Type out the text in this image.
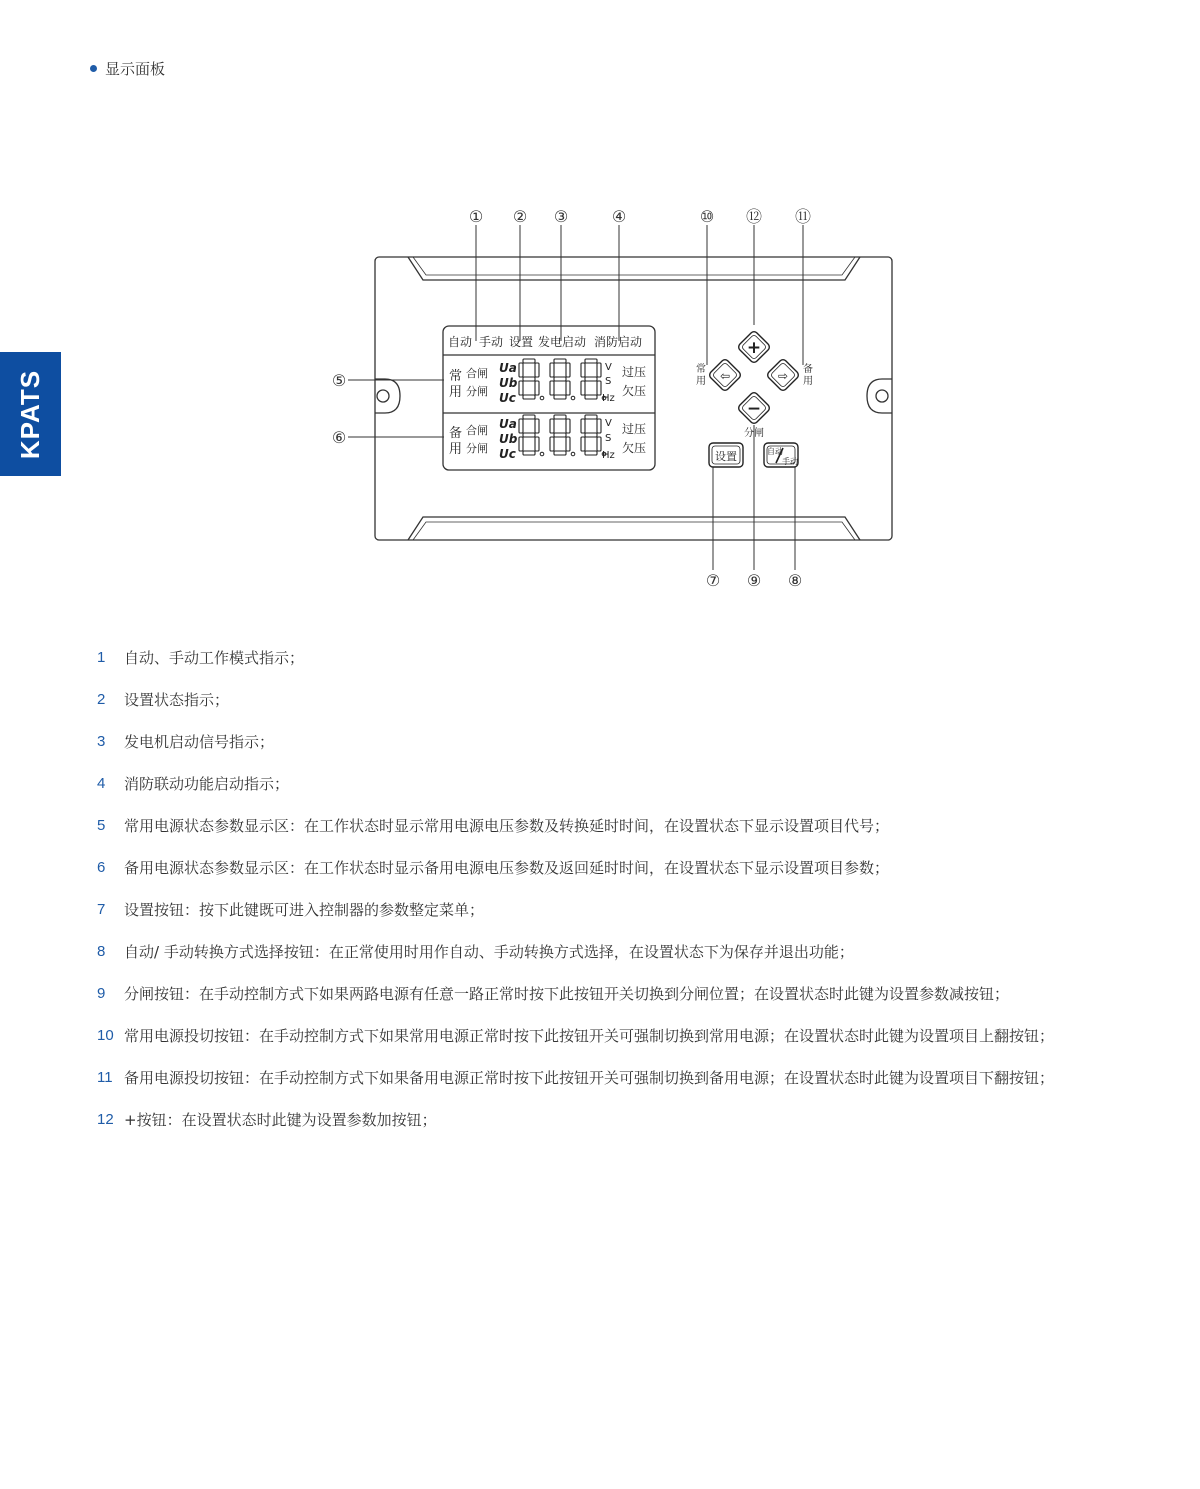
显示面板
KPATS
① ② ③	④	⑩ ⑫ ⑪
⑤
⑥
⑦ ⑨ ⑧
自动 手动 设置 发电启动 消防启动
常
用
合闸
分闸
Ua
Ub
Uc
V
S
Hz
过压
欠压
备
用
合闸
分闸
Ua
Ub
Uc
V
S
Hz
过压
欠压
+
−
⇦	⇨
设置	自动
手动
常
用
备
用
分闸
1	自动、手动工作模式指示；
2	设置状态指示；
3	发电机启动信号指示；
4	消防联动功能启动指示；
5	常用电源状态参数显示区：在工作状态时显示常用电源电压参数及转换延时时间，在设置状态下显示设置项目代号；
6	备用电源状态参数显示区：在工作状态时显示备用电源电压参数及返回延时时间，在设置状态下显示设置项目参数；
7	设置按钮：按下此键既可进入控制器的参数整定菜单；
8	自动/ 手动转换方式选择按钮：在正常使用时用作自动、手动转换方式选择，在设置状态下为保存并退出功能；
9	分闸按钮：在手动控制方式下如果两路电源有任意一路正常时按下此按钮开关切换到分闸位置；在设置状态时此键为设置参数减按钮；
10 常用电源投切按钮：在手动控制方式下如果常用电源正常时按下此按钮开关可强制切换到常用电源；在设置状态时此键为设置项目上翻按钮；
11 备用电源投切按钮：在手动控制方式下如果备用电源正常时按下此按钮开关可强制切换到备用电源；在设置状态时此键为设置项目下翻按钮；
12 +按钮：在设置状态时此键为设置参数加按钮；
